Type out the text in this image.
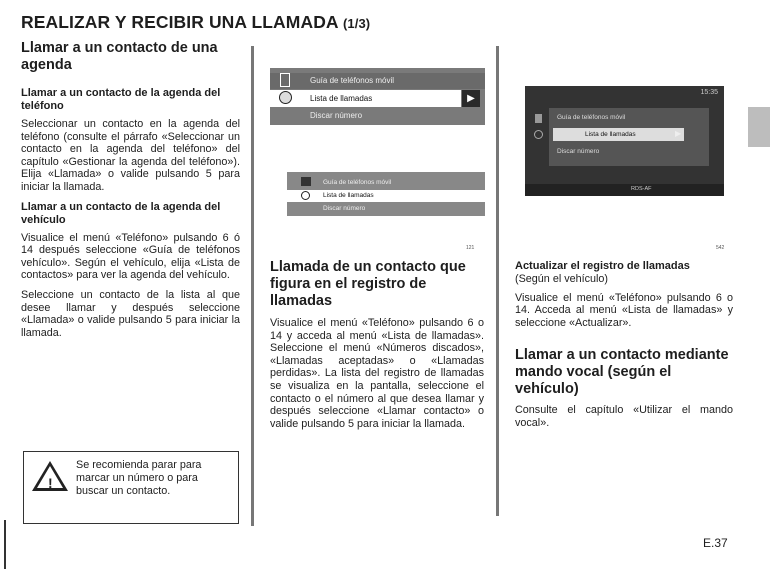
REALIZAR Y RECIBIR UNA LLAMADA (1/3)

Llamar a un contacto de una agenda

Llamar a un contacto de la agenda del teléfono

Seleccionar un contacto en la agenda del teléfono (consulte el párrafo «Seleccionar un contacto en la agenda del teléfono» del capítulo «Gestionar la agenda del teléfono»). Elija «Llamada» o valide pulsando 5 para iniciar la llamada.

Llamar a un contacto de la agenda del vehículo

Visualice el menú «Teléfono» pulsando 6 ó 14 después seleccione «Guía de teléfonos vehículo». Según el vehículo, elija «Lista de contactos» para ver la agenda del vehículo.

Seleccione un contacto de la lista al que desee llamar y después seleccione «Llamada» o valide pulsando 5 para iniciar la llamada.

!
Se recomienda parar para marcar un número o para buscar un contacto.
Guía de teléfonos móvil
Lista de llamadas	▶
Discar número
Guía de teléfonos móvil
Lista de llamadas
Discar número
121

Llamada de un contacto que figura en el registro de llamadas

Visualice el menú «Teléfono» pulsando 6 o 14 y acceda al menú «Lista de llamadas». Seleccione el menú «Números discados», «Llamadas aceptadas» o «Llamadas perdidas». La lista del registro de llamadas se visualiza en la pantalla, seleccione el contacto o el número al que desea llamar y después seleccione «Llamar contacto» o valide pulsando 5 para iniciar la llamada.

15:35
Guía de teléfonos móvil
Lista de llamadas	▶
Discar número
RDS-AF
542

Actualizar el registro de llamadas

(Según el vehículo)

Visualice el menú «Teléfono» pulsando 6 o 14. Acceda al menú «Lista de llamadas» y seleccione «Actualizar».

Llamar a un contacto mediante mando vocal (según el vehículo)

Consulte el capítulo «Utilizar el mando vocal».

E.37
